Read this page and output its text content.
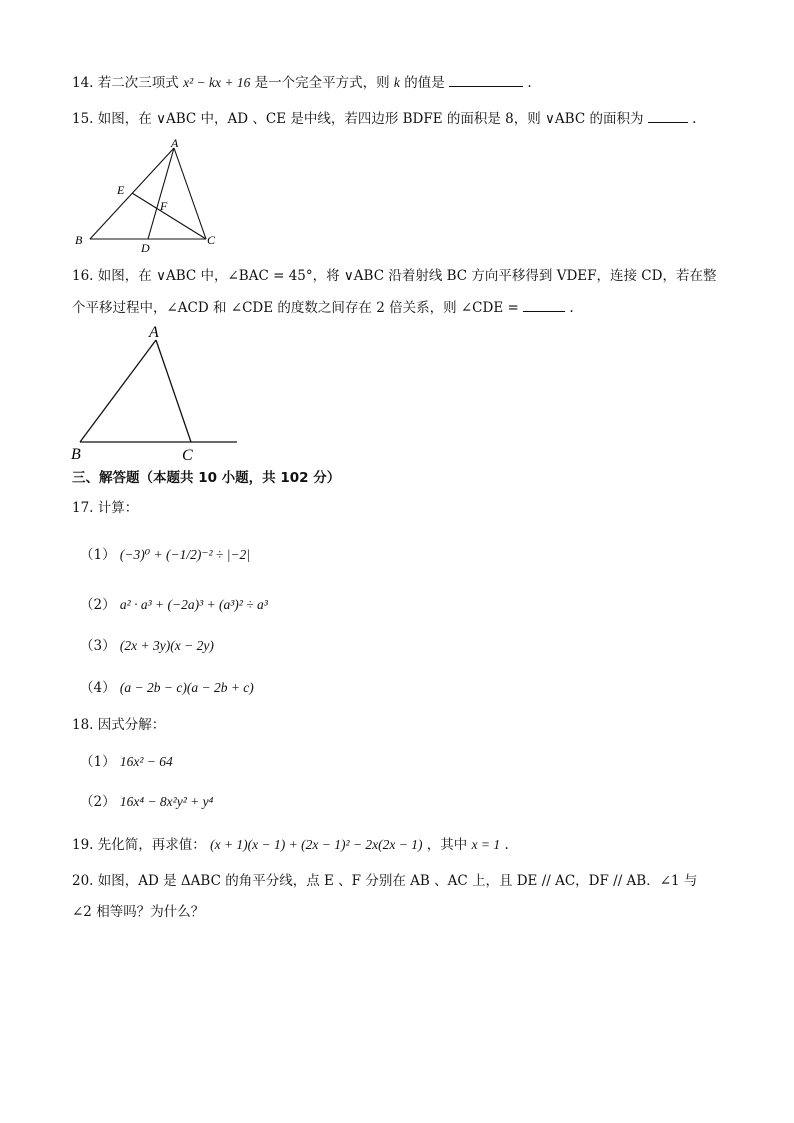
14. 若二次三项式 x² − kx + 16 是一个完全平方式，则 k 的值是	.
15. 如图，在 ∨ABC 中，AD 、CE 是中线，若四边形 BDFE 的面积是 8，则 ∨ABC 的面积为	.
A
B	C
D
E
F
16. 如图，在 ∨ABC 中，∠BAC = 45°，将 ∨ABC 沿着射线 BC 方向平移得到 VDEF，连接 CD，若在整
个平移过程中，∠ACD 和 ∠CDE 的度数之间存在 2 倍关系，则 ∠CDE =	.
A
B	C
三、解答题（本题共 10 小题，共 102 分）
17. 计算：
（1） (−3)⁰ + (−1/2)⁻² ÷ |−2|
（2） a² · a³ + (−2a)³ + (a³)² ÷ a³
（3） (2x + 3y)(x − 2y)
（4） (a − 2b − c)(a − 2b + c)
18. 因式分解：
（1） 16x² − 64
（2） 16x⁴ − 8x²y² + y⁴
19. 先化简，再求值： (x + 1)(x − 1) + (2x − 1)² − 2x(2x − 1) ，其中 x = 1 .
20. 如图，AD 是 ΔABC 的角平分线，点 E 、F 分别在 AB 、AC 上，且 DE // AC，DF // AB．∠1 与
∠2 相等吗？为什么？
